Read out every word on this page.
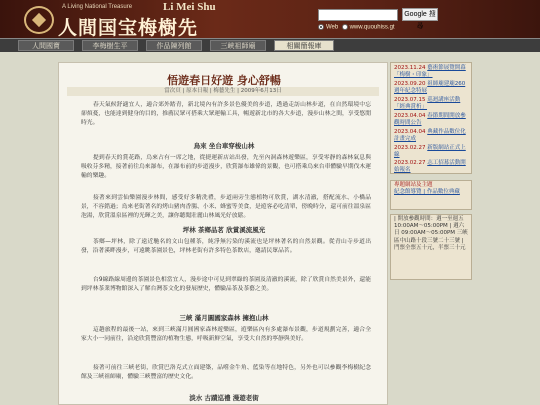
A Living National Treasure	Li Mei Shu
人間国宝梅樹先
Google 搜尋
Web www.quouhiss.gt
人間國寶	李梅樹生平	作品陳列館	三峽祖師廟	相關簡報庫
悟遊春日好遊 身心舒暢
當次頁 | 原本日報 | 梅藝先生 | 2009年6月13日
春天氣候舒適宜人，適合郊外踏青，新北境內有許多景色優美的步道，透過走訪山林步道，在自然環境中忘卻煩憂，也能達到健身的目的，推薦民眾可搭乘大眾運輸工具，暢遊新北市的各大步道，漫步山林之間，享受悠閒時光。
烏來 坐台車穿梭山林
提到春天的賞花路，烏來占有一席之地，從捷運新店站出發，先至內洞森林遊樂區，享受零靜的森林氣息與吸收芬多精，接著前往烏來瀑布，在瀑布前的步道漫步，欣賞瀑布雄偉的景觀，也可搭乘烏來台車體驗早期伐木運輸的樂趣。
接著來到雲仙樂園漫步林間，感受好多精洗禮，步道兩旁生態植物可欣賞，湖水清澈，搭配流水、小橋品景，不容錯過；鳥來老街著名的烤山豬肉香腸、小米、蜂蜜等美食，是遊客必吃清單，傍晚時分，還可前往溫泉區泡湯，欣賞溫泉區裡的光暉之美，讓你聽聞壯麗山林風光好放鬆。
坪林 茶鄉品茗 欣賞溪流風光
茶鄉—坪林，除了遠近馳名的文山包種茶，純淨無污染的溪流也是坪林著名的自然景觀。從青山寺步道出發，沿著溪畔漫步，可遠眺茶園景色，坪林老街有許多特色茶飲店，邀請民眾品茗。
台9線路線周邊的茶園景色相當宜人，漫步途中可見到翠綠的茶園及清澈的溪流，除了欣賞自然美景外，還能到坪林茶業博物館深入了解台灣茶文化的發展歷史，體驗品茶及茶藝之美。
三峽 滿月圓國家森林 擁抱山林
這趟旅程的最後一站，來到三峽滿月圓國家森林遊樂區，遊樂區內有多處瀑布景觀，步道規劃完善，適合全家大小一同前往，沿途欣賞豐富的植物生態，呼吸新鮮空氣，享受大自然的寧靜與美好。
接著可前往三峽老街，欣賞巴洛克式立面建築，品嚐金牛角、藍染等在地特色，另外也可以參觀李梅樹紀念館及三峽祖師廟，體驗三峽豐富的歷史文化。
淡水 古蹟巡禮 漫遊老街
2023.11.24 藝術節展覽開幕「梅樹・印象」
2023.09.20 祖師廟建廟260週年紀念特展
2023.07.15 巡迴講座活動「經典賞析」
2023.04.04 春節期間開放參觀時間公告
2023.04.04 典藏作品數位化計畫完成
2023.02.27 新版網站正式上線
2023.02.27 志工招募活動開始報名
專題網站及主題
紀念館導覽 | 作品數位典藏
| 開放參觀時間：週一至週五 10:00AM～05:00PM | 週六日 09:00AM～05:00PM 三峽區中山路十段三號二十三號 | 門票全票五十元，半票三十元
